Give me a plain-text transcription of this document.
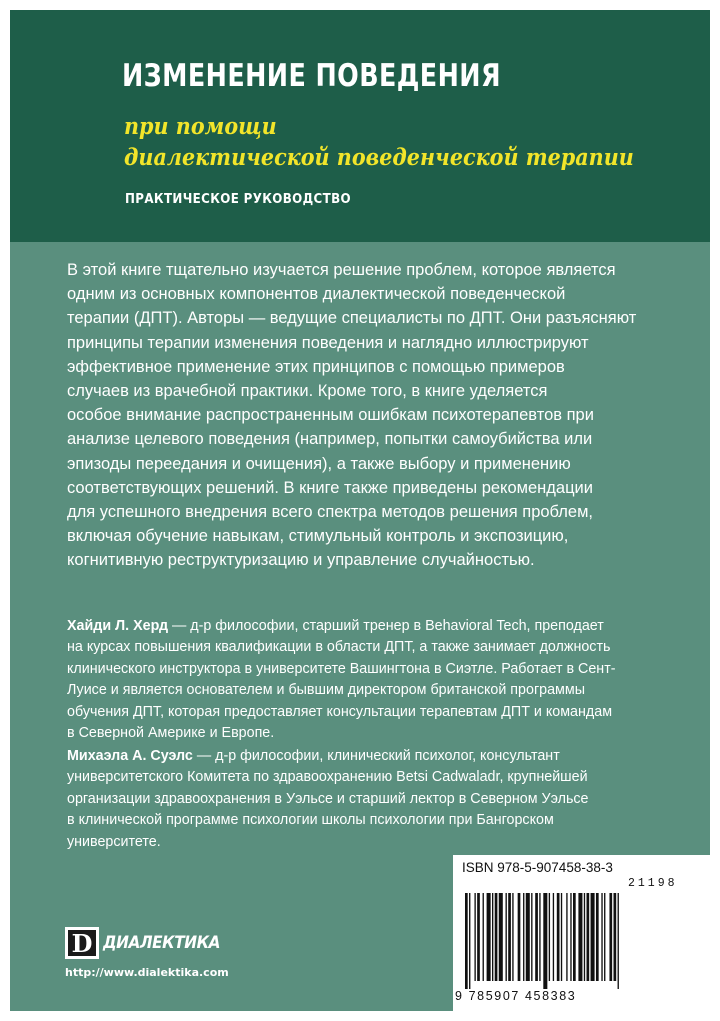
ИЗМЕНЕНИЕ ПОВЕДЕНИЯ

при помощи

диалектической поведенческой терапии

ПРАКТИЧЕСКОЕ РУКОВОДСТВО

В этой книге тщательно изучается решение проблем, которое является
одним из основных компонентов диалектической поведенческой
терапии (ДПТ). Авторы — ведущие специалисты по ДПТ. Они разъясняют
принципы терапии изменения поведения и наглядно иллюстрируют
эффективное применение этих принципов с помощью примеров
случаев из врачебной практики. Кроме того, в книге уделяется
особое внимание распространенным ошибкам психотерапевтов при
анализе целевого поведения (например, попытки самоубийства или
эпизоды переедания и очищения), а также выбору и применению
соответствующих решений. В книге также приведены рекомендации
для успешного внедрения всего спектра методов решения проблем,
включая обучение навыкам, стимульный контроль и экспозицию,
когнитивную реструктуризацию и управление случайностью.
Хайди Л. Херд — д-р философии, старший тренер в Behavioral Tech, преподает
на курсах повышения квалификации в области ДПТ, а также занимает должность
клинического инструктора в университете Вашингтона в Сиэтле. Работает в Сент-
Луисе и является основателем и бывшим директором британской программы
обучения ДПТ, которая предоставляет консультации терапевтам ДПТ и командам
в Северной Америке и Европе.
Михаэла А. Суэлс — д-р философии, клинический психолог, консультант
университетского Комитета по здравоохранению Betsi Cadwaladr, крупнейшей
организации здравоохранения в Уэльсе и старший лектор в Северном Уэльсе
в клинической программе психологии школы психологии при Бангорском
университете.
D ДИАЛЕКТИКА

http://www.dialektika.com

ISBN 978-5-907458-38-3

21198

9 785907 458383
